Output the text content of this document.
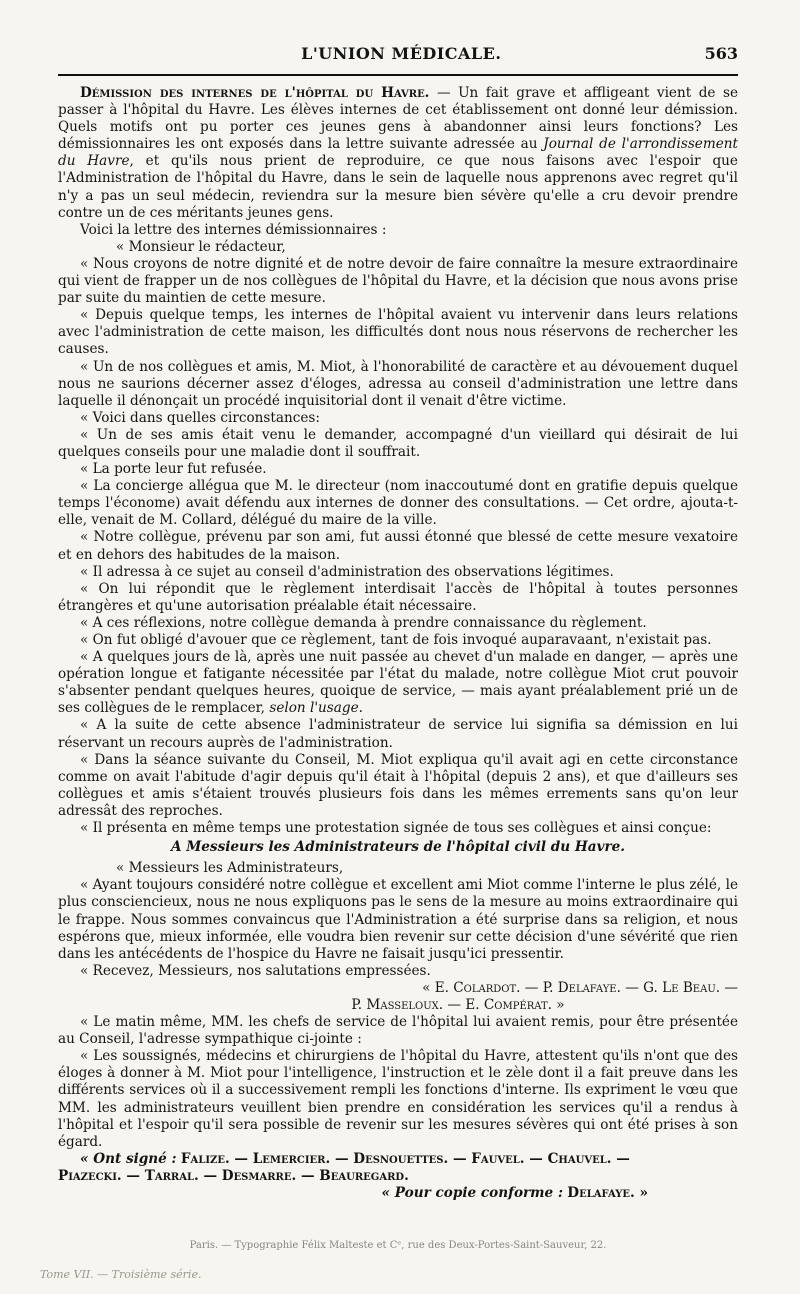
L'UNION MÉDICALE.	563

Démission des internes de l'hôpital du Havre. — Un fait grave et affligeant vient de se passer à l'hôpital du Havre. Les élèves internes de cet établissement ont donné leur démission. Quels motifs ont pu porter ces jeunes gens à abandonner ainsi leurs fonctions? Les démissionnaires les ont exposés dans la lettre suivante adressée au Journal de l'arrondissement du Havre, et qu'ils nous prient de reproduire, ce que nous faisons avec l'espoir que l'Administration de l'hôpital du Havre, dans le sein de laquelle nous apprenons avec regret qu'il n'y a pas un seul médecin, reviendra sur la mesure bien sévère qu'elle a cru devoir prendre contre un de ces méritants jeunes gens.

Voici la lettre des internes démissionnaires :

« Monsieur le rédacteur,

« Nous croyons de notre dignité et de notre devoir de faire connaître la mesure extraordinaire qui vient de frapper un de nos collègues de l'hôpital du Havre, et la décision que nous avons prise par suite du maintien de cette mesure.

« Depuis quelque temps, les internes de l'hôpital avaient vu intervenir dans leurs relations avec l'administration de cette maison, les difficultés dont nous nous réservons de rechercher les causes.

« Un de nos collègues et amis, M. Miot, à l'honorabilité de caractère et au dévouement duquel nous ne saurions décerner assez d'éloges, adressa au conseil d'administration une lettre dans laquelle il dénonçait un procédé inquisitorial dont il venait d'être victime.

« Voici dans quelles circonstances:

« Un de ses amis était venu le demander, accompagné d'un vieillard qui désirait de lui quelques conseils pour une maladie dont il souffrait.

« La porte leur fut refusée.

« La concierge allégua que M. le directeur (nom inaccoutumé dont en gratifie depuis quelque temps l'économe) avait défendu aux internes de donner des consultations. — Cet ordre, ajouta-t-elle, venait de M. Collard, délégué du maire de la ville.

« Notre collègue, prévenu par son ami, fut aussi étonné que blessé de cette mesure vexatoire et en dehors des habitudes de la maison.

« Il adressa à ce sujet au conseil d'administration des observations légitimes.

« On lui répondit que le règlement interdisait l'accès de l'hôpital à toutes personnes étrangères et qu'une autorisation préalable était nécessaire.

« A ces réflexions, notre collègue demanda à prendre connaissance du règlement.

« On fut obligé d'avouer que ce règlement, tant de fois invoqué auparavaant, n'existait pas.

« A quelques jours de là, après une nuit passée au chevet d'un malade en danger, — après une opération longue et fatigante nécessitée par l'état du malade, notre collègue Miot crut pouvoir s'absenter pendant quelques heures, quoique de service, — mais ayant préalablement prié un de ses collègues de le remplacer, selon l'usage.

« A la suite de cette absence l'administrateur de service lui signifia sa démission en lui réservant un recours auprès de l'administration.

« Dans la séance suivante du Conseil, M. Miot expliqua qu'il avait agi en cette circonstance comme on avait l'abitude d'agir depuis qu'il était à l'hôpital (depuis 2 ans), et que d'ailleurs ses collègues et amis s'étaient trouvés plusieurs fois dans les mêmes errements sans qu'on leur adressât des reproches.

« Il présenta en même temps une protestation signée de tous ses collègues et ainsi conçue:

A Messieurs les Administrateurs de l'hôpital civil du Havre.

« Messieurs les Administrateurs,

« Ayant toujours considéré notre collègue et excellent ami Miot comme l'interne le plus zélé, le plus consciencieux, nous ne nous expliquons pas le sens de la mesure au moins extraordinaire qui le frappe. Nous sommes convaincus que l'Administration a été surprise dans sa religion, et nous espérons que, mieux informée, elle voudra bien revenir sur cette décision d'une sévérité que rien dans les antécédents de l'hospice du Havre ne faisait jusqu'ici pressentir.

« Recevez, Messieurs, nos salutations empressées.

« E. Colardot. — P. Delafaye. — G. Le Beau. —

P. Masseloux. — E. Compérat. »

« Le matin même, MM. les chefs de service de l'hôpital lui avaient remis, pour être présentée au Conseil, l'adresse sympathique ci-jointe :

« Les soussignés, médecins et chirurgiens de l'hôpital du Havre, attestent qu'ils n'ont que des éloges à donner à M. Miot pour l'intelligence, l'instruction et le zèle dont il a fait preuve dans les différents services où il a successivement rempli les fonctions d'interne. Ils expriment le vœu que MM. les administrateurs veuillent bien prendre en considération les services qu'il a rendus à l'hôpital et l'espoir qu'il sera possible de revenir sur les mesures sévères qui ont été prises à son égard.

« Ont signé : Falize. — Lemercier. — Desnouettes. — Fauvel. — Chauvel. —

Piazecki. — Tarral. — Desmarre. — Beauregard.

« Pour copie conforme : Delafaye. »

Paris. — Typographie Félix Malteste et Cᵉ, rue des Deux-Portes-Saint-Sauveur, 22.
Tome VII. — Troisième série.
